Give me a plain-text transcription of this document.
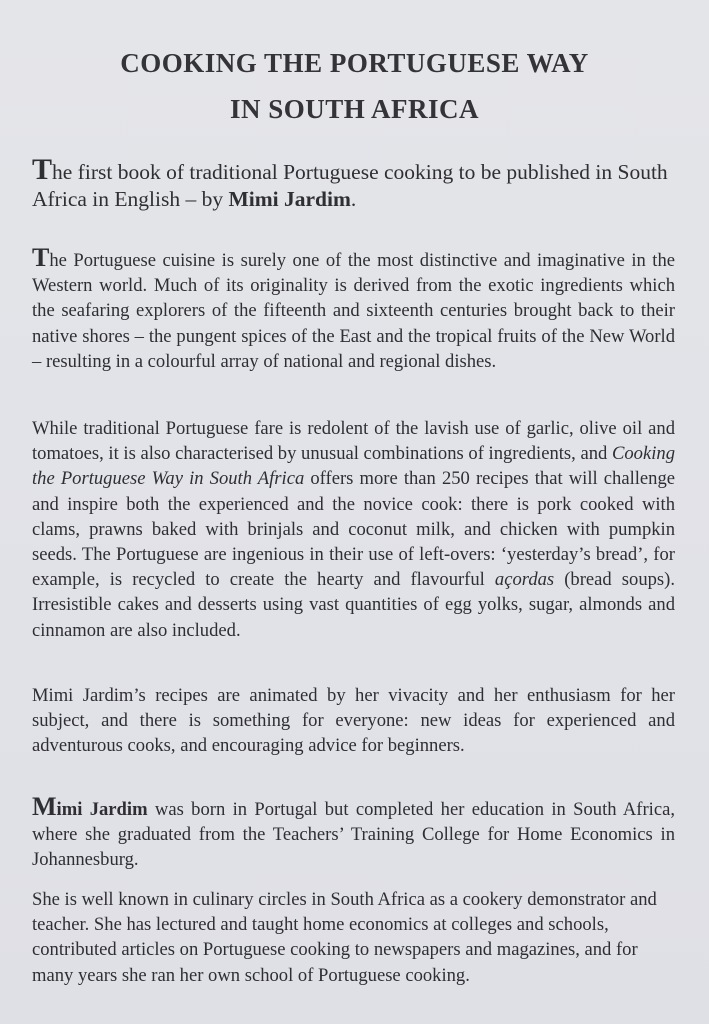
COOKING THE PORTUGUESE WAY
IN SOUTH AFRICA

The first book of traditional Portuguese cooking to be published in South Africa in English – by Mimi Jardim.

The Portuguese cuisine is surely one of the most distinctive and imaginative in the Western world. Much of its originality is derived from the exotic ingredients which the seafaring explorers of the fifteenth and sixteenth centuries brought back to their native shores – the pungent spices of the East and the tropical fruits of the New World – resulting in a colourful array of national and regional dishes.

While traditional Portuguese fare is redolent of the lavish use of garlic, olive oil and tomatoes, it is also characterised by unusual combinations of ingredients, and Cooking the Portuguese Way in South Africa offers more than 250 recipes that will challenge and inspire both the experienced and the novice cook: there is pork cooked with clams, prawns baked with brinjals and coconut milk, and chicken with pumpkin seeds. The Portuguese are ingenious in their use of left-overs: ‘yesterday’s bread’, for example, is recycled to create the hearty and flavourful açordas (bread soups). Irresistible cakes and desserts using vast quantities of egg yolks, sugar, almonds and cinnamon are also included.

Mimi Jardim’s recipes are animated by her vivacity and her enthusiasm for her subject, and there is something for everyone: new ideas for experienced and adventurous cooks, and encouraging advice for beginners.

Mimi Jardim was born in Portugal but completed her education in South Africa, where she graduated from the Teachers’ Training College for Home Economics in Johannesburg.

She is well known in culinary circles in South Africa as a cookery demonstrator and teacher. She has lectured and taught home economics at colleges and schools, contributed articles on Portuguese cooking to newspapers and magazines, and for many years she ran her own school of Portuguese cooking.
